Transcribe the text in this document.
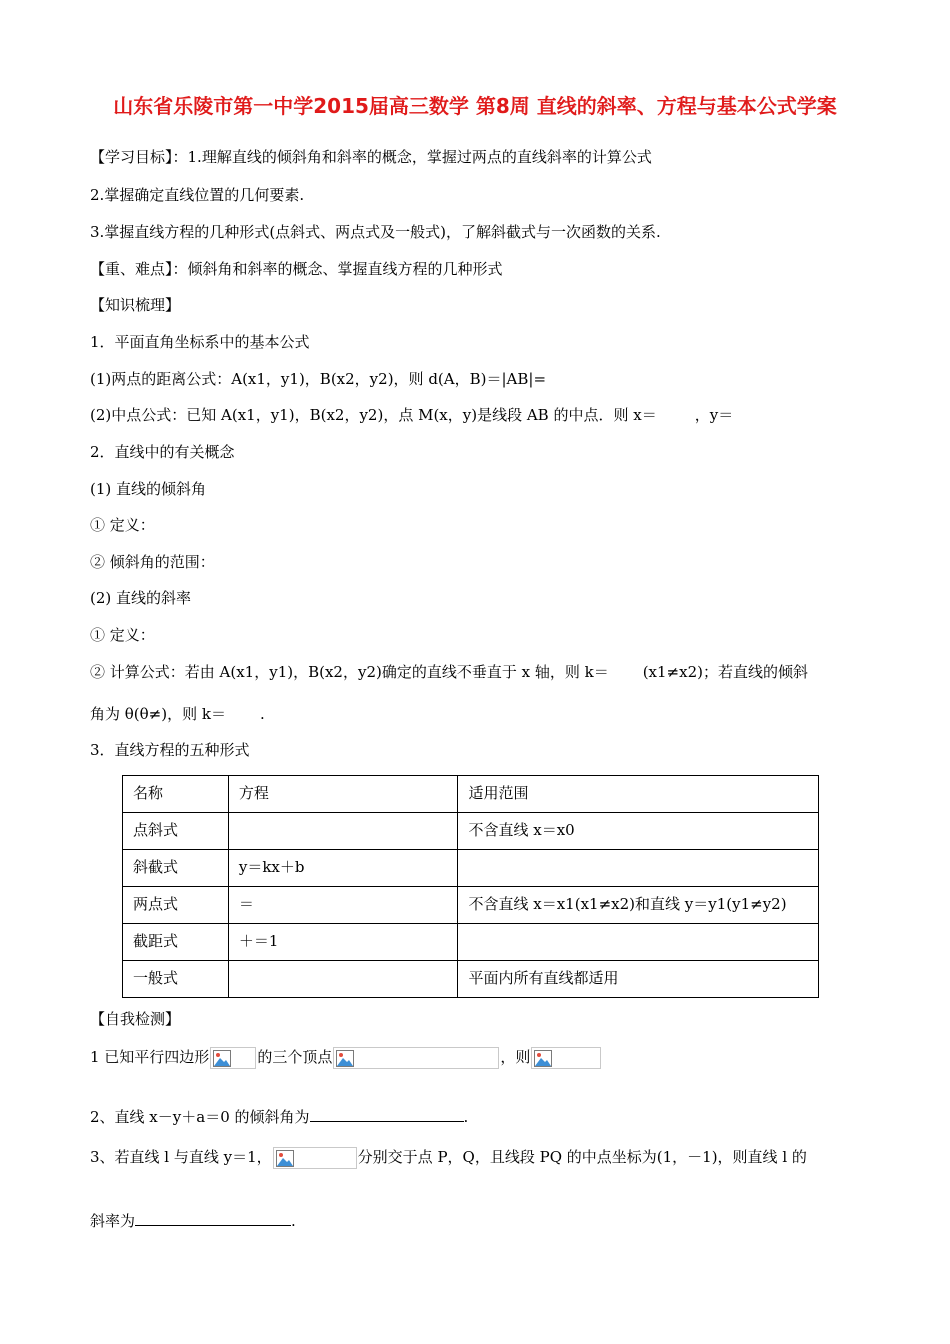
山东省乐陵市第一中学2015届高三数学 第8周 直线的斜率、方程与基本公式学案
【学习目标】：1.理解直线的倾斜角和斜率的概念，掌握过两点的直线斜率的计算公式
2.掌握确定直线位置的几何要素.
3.掌握直线方程的几种形式(点斜式、两点式及一般式)，了解斜截式与一次函数的关系.
【重、难点】：倾斜角和斜率的概念、掌握直线方程的几种形式
【知识梳理】
1．平面直角坐标系中的基本公式
(1)两点的距离公式：A(x1，y1)，B(x2，y2)，则 d(A，B)＝|AB|=
(2)中点公式：已知 A(x1，y1)，B(x2，y2)，点 M(x，y)是线段 AB 的中点．则 x＝	，y＝
2．直线中的有关概念
(1) 直线的倾斜角
① 定义：
② 倾斜角的范围：
(2) 直线的斜率
① 定义：
② 计算公式：若由 A(x1，y1)，B(x2，y2)确定的直线不垂直于 x 轴，则 k＝ (x1≠x2)；若直线的倾斜
角为 θ(θ≠)，则 k＝ .
3．直线方程的五种形式
名称	方程	适用范围
点斜式		不含直线 x＝x0
斜截式	y＝kx＋b	
两点式	＝	不含直线 x＝x1(x1≠x2)和直线 y＝y1(y1≠y2)
截距式	＋＝1	
一般式		平面内所有直线都适用
【自我检测】
1 已知平行四边形	的三个顶点	，则
2、直线 x－y＋a＝0 的倾斜角为	.
3、若直线 l 与直线 y＝1，	分别交于点 P，Q，且线段 PQ 的中点坐标为(1，－1)，则直线 l 的
斜率为	.
